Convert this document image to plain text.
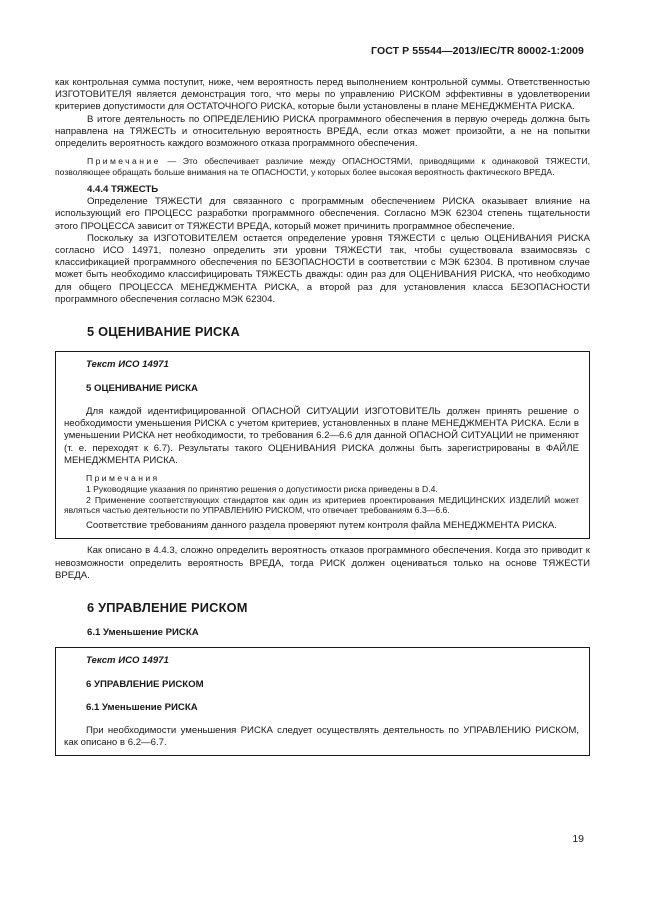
ГОСТ Р 55544—2013/IEC/TR 80002-1:2009

как контрольная сумма поступит, ниже, чем вероятность перед выполнением контрольной суммы. Ответственностью ИЗГОТОВИТЕЛЯ является демонстрация того, что меры по управлению РИСКОМ эффективны в удовлетворении критериев допустимости для ОСТАТОЧНОГО РИСКА, которые были установлены в плане МЕНЕДЖМЕНТА РИСКА.

В итоге деятельность по ОПРЕДЕЛЕНИЮ РИСКА программного обеспечения в первую очередь должна быть направлена на ТЯЖЕСТЬ и относительную вероятность ВРЕДА, если отказ может произойти, а не на попытки определить вероятность каждого возможного отказа программного обеспечения.

Примечание — Это обеспечивает различие между ОПАСНОСТЯМИ, приводящими к одинаковой ТЯЖЕСТИ, позволяющее обращать больше внимания на те ОПАСНОСТИ, у которых более высокая вероятность фактического ВРЕДА.

4.4.4 ТЯЖЕСТЬ

Определение ТЯЖЕСТИ для связанного с программным обеспечением РИСКА оказывает влияние на использующий его ПРОЦЕСС разработки программного обеспечения. Согласно МЭК 62304 степень тщательности этого ПРОЦЕССА зависит от ТЯЖЕСТИ ВРЕДА, который может причинить программное обеспечение.

Поскольку за ИЗГОТОВИТЕЛЕМ остается определение уровня ТЯЖЕСТИ с целью ОЦЕНИВАНИЯ РИСКА согласно ИСО 14971, полезно определить эти уровни ТЯЖЕСТИ так, чтобы существовала взаимосвязь с классификацией программного обеспечения по БЕЗОПАСНОСТИ в соответствии с МЭК 62304. В противном случае может быть необходимо классифицировать ТЯЖЕСТЬ дважды: один раз для ОЦЕНИВАНИЯ РИСКА, что необходимо для общего ПРОЦЕССА МЕНЕДЖМЕНТА РИСКА, а второй раз для установления класса БЕЗОПАСНОСТИ программного обеспечения согласно МЭК 62304.

5 ОЦЕНИВАНИЕ РИСКА
Текст ИСО 14971
5 ОЦЕНИВАНИЕ РИСКА

Для каждой идентифицированной ОПАСНОЙ СИТУАЦИИ ИЗГОТОВИТЕЛЬ должен принять решение о необходимости уменьшения РИСКА с учетом критериев, установленных в плане МЕНЕДЖМЕНТА РИСКА. Если в уменьшении РИСКА нет необходимости, то требования 6.2—6.6 для данной ОПАСНОЙ СИТУАЦИИ не применяют (т. е. переходят к 6.7). Результаты такого ОЦЕНИВАНИЯ РИСКА должны быть зарегистрированы в ФАЙЛЕ МЕНЕДЖМЕНТА РИСКА.

Примечания

1 Руководящие указания по принятию решения о допустимости риска приведены в D.4.

2 Применение соответствующих стандартов как один из критериев проектирования МЕДИЦИНСКИХ ИЗДЕЛИЙ может являться частью деятельности по УПРАВЛЕНИЮ РИСКОМ, что отвечает требованиям 6.3—6.6.

Соответствие требованиям данного раздела проверяют путем контроля файла МЕНЕДЖМЕНТА РИСКА.

Как описано в 4.4.3, сложно определить вероятность отказов программного обеспечения. Когда это приводит к невозможности определить вероятность ВРЕДА, тогда РИСК должен оцениваться только на основе ТЯЖЕСТИ ВРЕДА.

6 УПРАВЛЕНИЕ РИСКОМ
6.1 Уменьшение РИСКА
Текст ИСО 14971
6 УПРАВЛЕНИЕ РИСКОМ
6.1 Уменьшение РИСКА

При необходимости уменьшения РИСКА следует осуществлять деятельность по УПРАВЛЕНИЮ РИСКОМ, как описано в 6.2—6.7.

19
